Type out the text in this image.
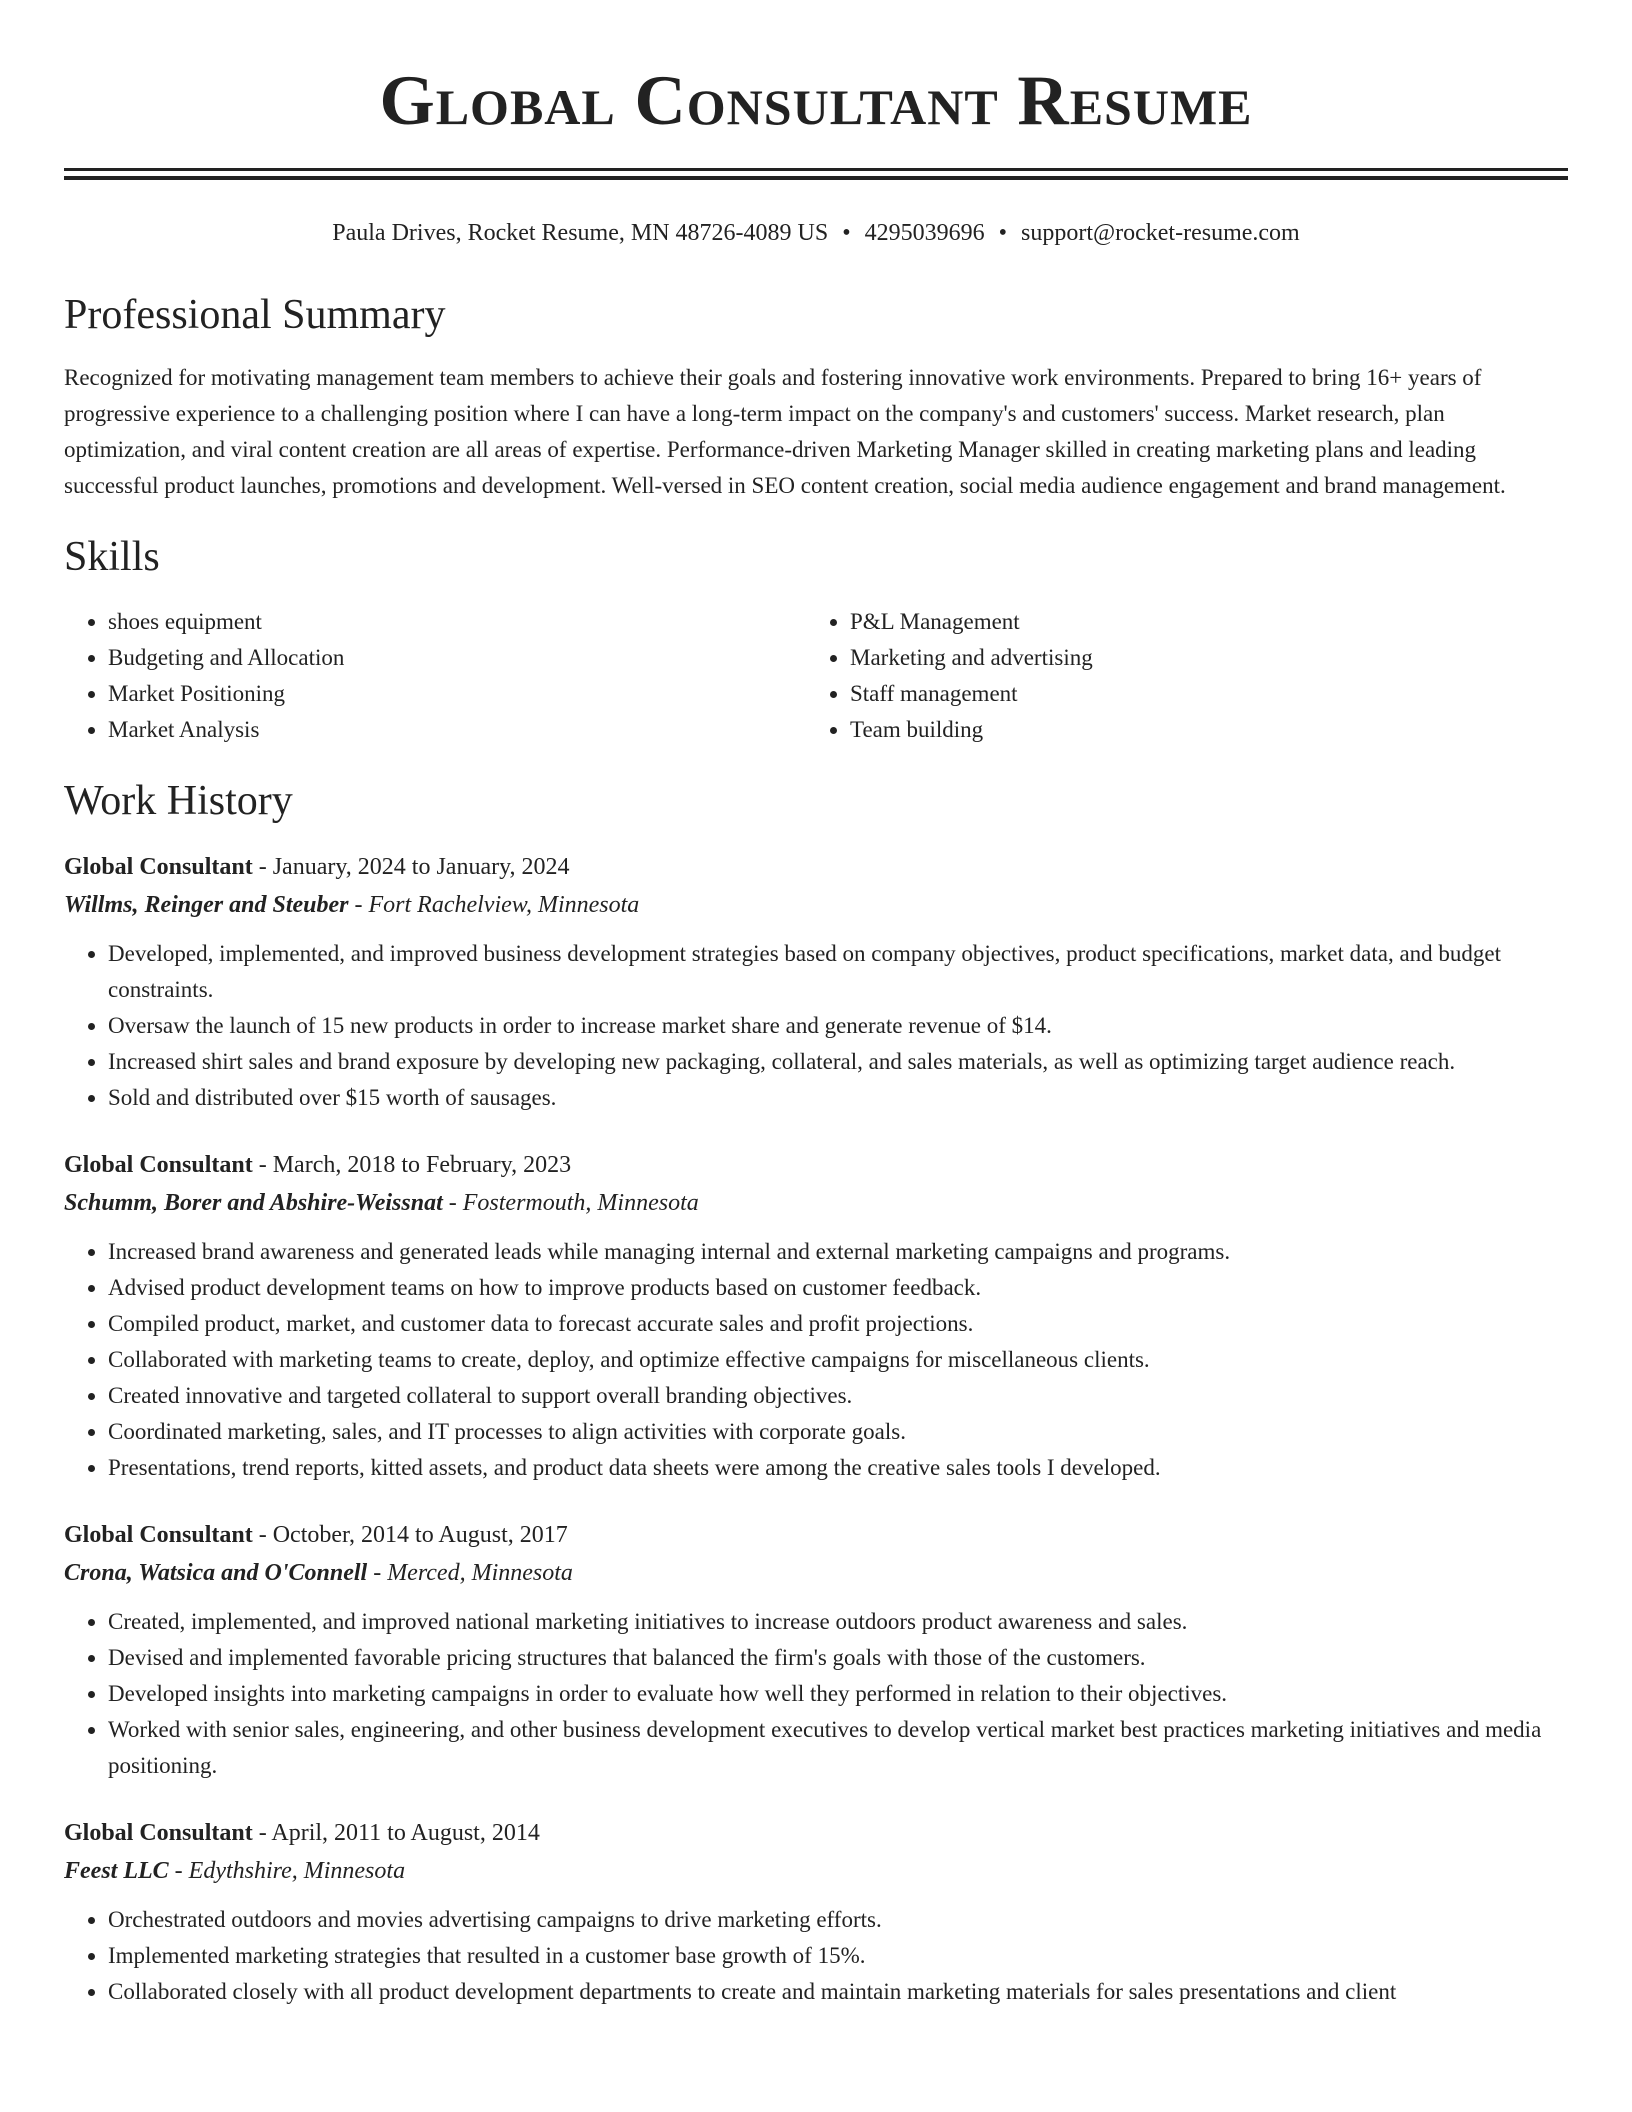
Global Consultant Resume
Paula Drives, Rocket Resume, MN 48726-4089 US • 4295039696 • support@rocket-resume.com
Professional Summary

Recognized for motivating management team members to achieve their goals and fostering innovative work environments. Prepared to bring 16+ years of progressive experience to a challenging position where I can have a long-term impact on the company's and customers' success. Market research, plan optimization, and viral content creation are all areas of expertise. Performance-driven Marketing Manager skilled in creating marketing plans and leading successful product launches, promotions and development. Well-versed in SEO content creation, social media audience engagement and brand management.

Skills
• shoes equipment
• Budgeting and Allocation
• Market Positioning
• Market Analysis
• P&L Management
• Marketing and advertising
• Staff management
• Team building
Work History
Global Consultant - January, 2024 to January, 2024
Willms, Reinger and Steuber - Fort Rachelview, Minnesota
• Developed, implemented, and improved business development strategies based on company objectives, product specifications, market data, and budget constraints.
• Oversaw the launch of 15 new products in order to increase market share and generate revenue of $14.
• Increased shirt sales and brand exposure by developing new packaging, collateral, and sales materials, as well as optimizing target audience reach.
• Sold and distributed over $15 worth of sausages.
Global Consultant - March, 2018 to February, 2023
Schumm, Borer and Abshire-Weissnat - Fostermouth, Minnesota
• Increased brand awareness and generated leads while managing internal and external marketing campaigns and programs.
• Advised product development teams on how to improve products based on customer feedback.
• Compiled product, market, and customer data to forecast accurate sales and profit projections.
• Collaborated with marketing teams to create, deploy, and optimize effective campaigns for miscellaneous clients.
• Created innovative and targeted collateral to support overall branding objectives.
• Coordinated marketing, sales, and IT processes to align activities with corporate goals.
• Presentations, trend reports, kitted assets, and product data sheets were among the creative sales tools I developed.
Global Consultant - October, 2014 to August, 2017
Crona, Watsica and O'Connell - Merced, Minnesota
• Created, implemented, and improved national marketing initiatives to increase outdoors product awareness and sales.
• Devised and implemented favorable pricing structures that balanced the firm's goals with those of the customers.
• Developed insights into marketing campaigns in order to evaluate how well they performed in relation to their objectives.
• Worked with senior sales, engineering, and other business development executives to develop vertical market best practices marketing initiatives and media positioning.
Global Consultant - April, 2011 to August, 2014
Feest LLC - Edythshire, Minnesota
• Orchestrated outdoors and movies advertising campaigns to drive marketing efforts.
• Implemented marketing strategies that resulted in a customer base growth of 15%.
• Collaborated closely with all product development departments to create and maintain marketing materials for sales presentations and client
